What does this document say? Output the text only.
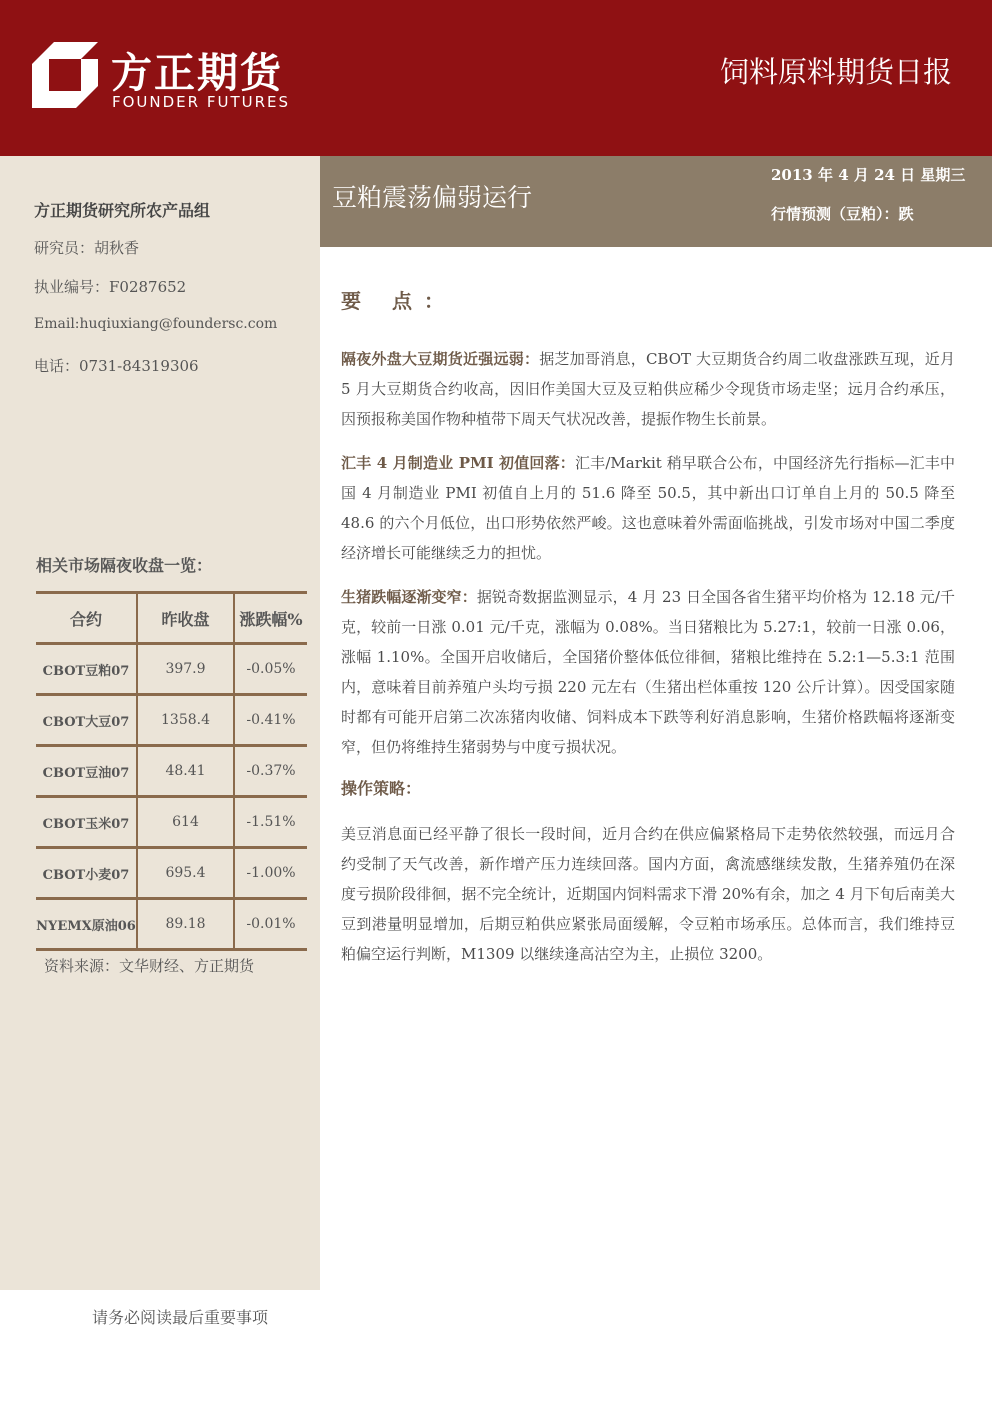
方正期货
FOUNDER FUTURES
饲料原料期货日报
豆粕震荡偏弱运行
2013 年 4 月 24 日 星期三
行情预测（豆粕）：跌
方正期货研究所农产品组
研究员：胡秋香
执业编号：F0287652
Email:huqiuxiang@foundersc.com
电话：0731-84319306
相关市场隔夜收盘一览：
合约	昨收盘	涨跌幅%
CBOT豆粕07	397.9	-0.05%
CBOT大豆07	1358.4	-0.41%
CBOT豆油07	48.41	-0.37%
CBOT玉米07	614	-1.51%
CBOT小麦07	695.4	-1.00%
NYEMX原油06	89.18	-0.01%
资料来源：文华财经、方正期货
请务必阅读最后重要事项
要 点：

隔夜外盘大豆期货近强远弱：据芝加哥消息，CBOT 大豆期货合约周二收盘涨跌互现，近月 5 月大豆期货合约收高，因旧作美国大豆及豆粕供应稀少令现货市场走坚；远月合约承压，因预报称美国作物种植带下周天气状况改善，提振作物生长前景。

汇丰 4 月制造业 PMI 初值回落：汇丰/Markit 稍早联合公布，中国经济先行指标—汇丰中国 4 月制造业 PMI 初值自上月的 51.6 降至 50.5，其中新出口订单自上月的 50.5 降至 48.6 的六个月低位，出口形势依然严峻。这也意味着外需面临挑战，引发市场对中国二季度经济增长可能继续乏力的担忧。

生猪跌幅逐渐变窄：据锐奇数据监测显示，4 月 23 日全国各省生猪平均价格为 12.18 元/千克，较前一日涨 0.01 元/千克，涨幅为 0.08%。当日猪粮比为 5.27:1，较前一日涨 0.06，涨幅 1.10%。全国开启收储后，全国猪价整体低位徘徊，猪粮比维持在 5.2:1—5.3:1 范围内，意味着目前养殖户头均亏损 220 元左右（生猪出栏体重按 120 公斤计算）。因受国家随时都有可能开启第二次冻猪肉收储、饲料成本下跌等利好消息影响，生猪价格跌幅将逐渐变窄，但仍将维持生猪弱势与中度亏损状况。

操作策略：

美豆消息面已经平静了很长一段时间，近月合约在供应偏紧格局下走势依然较强，而远月合约受制了天气改善，新作增产压力连续回落。国内方面，禽流感继续发散，生猪养殖仍在深度亏损阶段徘徊，据不完全统计，近期国内饲料需求下滑 20%有余，加之 4 月下旬后南美大豆到港量明显增加，后期豆粕供应紧张局面缓解，令豆粕市场承压。总体而言，我们维持豆粕偏空运行判断，M1309 以继续逢高沽空为主，止损位 3200。
